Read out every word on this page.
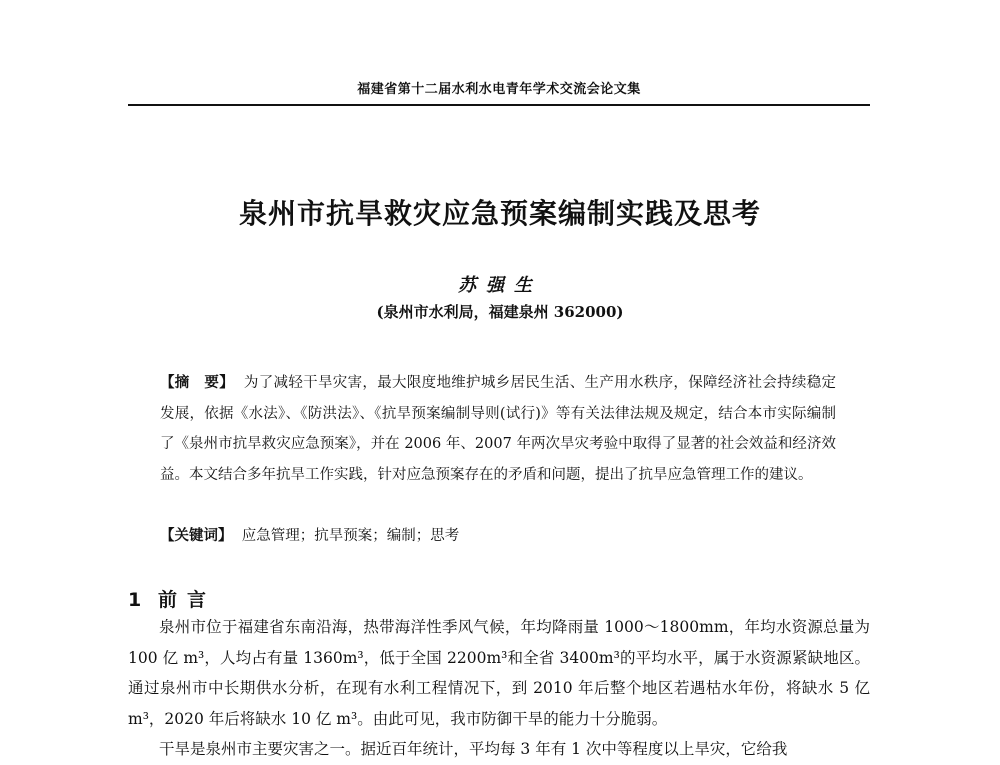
福建省第十二届水利水电青年学术交流会论文集
泉州市抗旱救灾应急预案编制实践及思考
苏强生
(泉州市水利局，福建泉州 362000)
【摘　要】 为了减轻干旱灾害，最大限度地维护城乡居民生活、生产用水秩序，保障经济社会持续稳定发展，依据《水法》、《防洪法》、《抗旱预案编制导则(试行)》等有关法律法规及规定，结合本市实际编制了《泉州市抗旱救灾应急预案》，并在 2006 年、2007 年两次旱灾考验中取得了显著的社会效益和经济效益。本文结合多年抗旱工作实践，针对应急预案存在的矛盾和问题，提出了抗旱应急管理工作的建议。
【关键词】 应急管理；抗旱预案；编制；思考
1 前言

泉州市位于福建省东南沿海，热带海洋性季风气候，年均降雨量 1000～1800mm，年均水资源总量为 100 亿 m³，人均占有量 1360m³，低于全国 2200m³和全省 3400m³的平均水平，属于水资源紧缺地区。通过泉州市中长期供水分析，在现有水利工程情况下，到 2010 年后整个地区若遇枯水年份，将缺水 5 亿 m³，2020 年后将缺水 10 亿 m³。由此可见，我市防御干旱的能力十分脆弱。

干旱是泉州市主要灾害之一。据近百年统计，平均每 3 年有 1 次中等程度以上旱灾，它给我
